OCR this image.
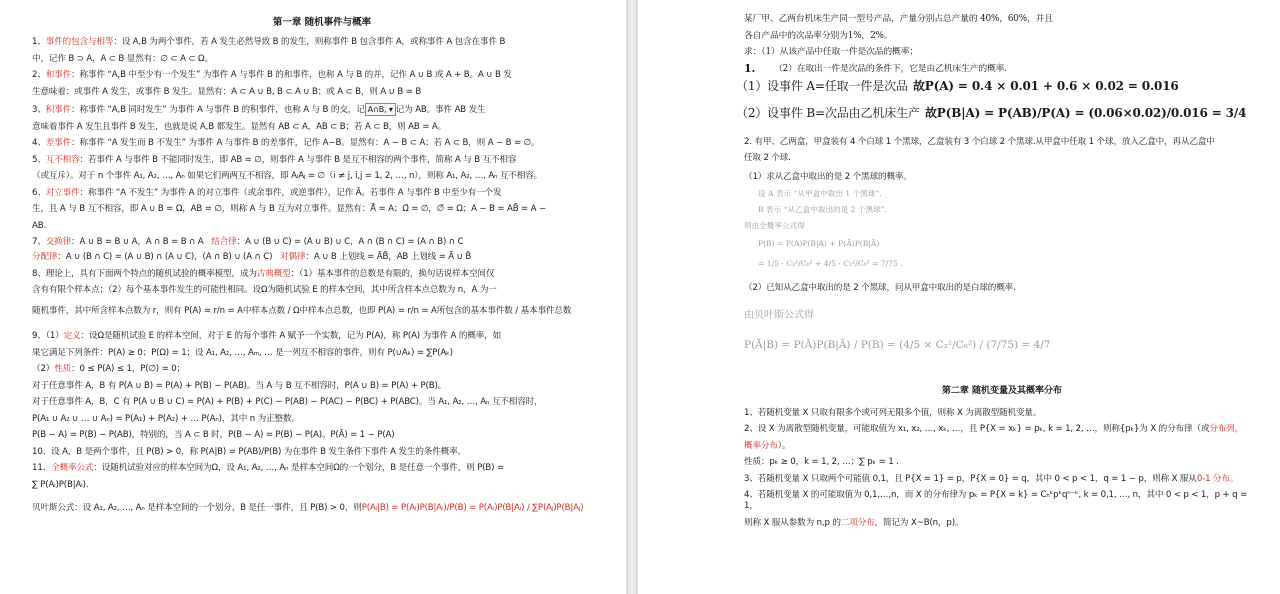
第一章 随机事件与概率
1、事件的包含与相等：设 A,B 为两个事件，若 A 发生必然导致 B 的发生，则称事件 B 包含事件 A，或称事件 A 包含在事件 B
中，记作 B ⊃ A，A ⊂ B 显然有：∅ ⊂ A ⊂ Ω。
2、和事件：称事件 “A,B 中至少有一个发生” 为事件 A 与事件 B 的和事件，也称 A 与 B 的并，记作 A ∪ B 或 A + B。A ∪ B 发
生意味着：或事件 A 发生，或事件 B 发生。显然有：A ⊂ A ∪ B, B ⊂ A ∪ B；或 A ⊂ B，则 A ∪ B = B
3、积事件：称事件 “A,B 同时发生” 为事件 A 与事件 B 的积事件，也称 A 与 B 的交，记 A∩B, ▾ 记为 AB。事件 AB 发生
意味着事件 A 发生且事件 B 发生，也就是说 A,B 都发生。显然有 AB ⊂ A，AB ⊂ B；若 A ⊂ B，则 AB = A。
4、差事件：称事件 “A 发生而 B 不发生” 为事件 A 与事件 B 的差事件，记作 A−B。显然有：A − B ⊂ A；若 A ⊂ B，则 A − B = ∅。
5、互不相容：若事件 A 与事件 B 不能同时发生，即 AB = ∅，则事件 A 与事件 B 是互不相容的两个事件，简称 A 与 B 互不相容
（或互斥）。对于 n 个事件 A₁, A₂, …, Aₙ 如果它们两两互不相容，即 AᵢAⱼ = ∅（i ≠ j, i,j = 1, 2, …, n），则称 A₁, A₂, …, Aₙ 互不相容。
6、对立事件：称事件 “A 不发生” 为事件 A 的对立事件（或余事件，或逆事件），记作 Ā。若事件 A 与事件 B 中至少有一个发
生，且 A 与 B 互不相容，即 A ∪ B = Ω，AB = ∅，则称 A 与 B 互为对立事件。显然有：Ā̄ = A；Ω̄ = ∅，∅̄ = Ω；A − B = AB̄ = A −
AB.
7、交换律：A ∪ B = B ∪ A，A ∩ B = B ∩ A 结合律：A ∪ (B ∪ C) = (A ∪ B) ∪ C，A ∩ (B ∩ C) = (A ∩ B) ∩ C
分配律：A ∪ (B ∩ C) = (A ∪ B) ∩ (A ∪ C)，(A ∩ B) ∪ (A ∩ C) 对偶律：A ∪ B 上划线 = ĀB̄，AB 上划线 = Ā ∪ B̄
8、理论上，具有下面两个特点的随机试验的概率模型，成为古典概型：（1）基本事件的总数是有限的，换句话说样本空间仅
含有有限个样本点；（2）每个基本事件发生的可能性相同。设Ω为随机试验 E 的样本空间，其中所含样本点总数为 n，A 为一
随机事件，其中所含样本点数为 r，则有 P(A) = r/n = A中样本点数 / Ω中样本点总数，也即 P(A) = r/n = A所包含的基本事件数 / 基本事件总数
9、（1）定义：设Ω是随机试验 E 的样本空间，对于 E 的每个事件 A 赋予一个实数，记为 P(A)，称 P(A) 为事件 A 的概率，如
果它满足下列条件：P(A) ≥ 0；P(Ω) = 1；设 A₁, A₂, …, Aₘ, … 是一列互不相容的事件，则有 P(∪Aₖ) = ∑P(Aₖ)
（2）性质：0 ≤ P(A) ≤ 1，P(∅) = 0；
对于任意事件 A，B 有 P(A ∪ B) = P(A) + P(B) − P(AB)。当 A 与 B 互不相容时，P(A ∪ B) = P(A) + P(B)。
对于任意事件 A，B，C 有 P(A ∪ B ∪ C) = P(A) + P(B) + P(C) − P(AB) − P(AC) − P(BC) + P(ABC)。当 A₁, A₂, …, Aₙ 互不相容时，
P(A₁ ∪ A₂ ∪ … ∪ Aₙ) = P(A₁) + P(A₂) + … P(Aₙ)，其中 n 为正整数。
P(B − A) = P(B) − P(AB)，特别的，当 A ⊂ B 时，P(B − A) = P(B) − P(A)。P(Ā) = 1 − P(A)
10、设 A，B 是两个事件，且 P(B) > 0，称 P(A|B) = P(AB)/P(B) 为在事件 B 发生条件下事件 A 发生的条件概率。
11、全概率公式：设随机试验对应的样本空间为Ω，设 A₁, A₂, …, Aₙ 是样本空间Ω的一个划分，B 是任意一个事件，则 P(B) =
∑ P(Aᵢ)P(B|Aᵢ).
贝叶斯公式：设 A₁, A₂, …, Aₙ 是样本空间的一个划分，B 是任一事件，且 P(B) > 0，则P(Aᵢ|B) = P(Aᵢ)P(B|Aᵢ)/P(B) = P(Aᵢ)P(B|Aᵢ) / ∑P(Aⱼ)P(B|Aⱼ)
某厂甲、乙两台机床生产同一型号产品，产量分别占总产量的 40%，60%，并且
各自产品中的次品率分别为1%，2%。
求：（1）从该产品中任取一件是次品的概率；
1.	（2）在取出一件是次品的条件下，它是由乙机床生产的概率.
（1）设事件 A=任取一件是次品 故P(A) = 0.4 × 0.01 + 0.6 × 0.02 = 0.016
（2）设事件 B=次品由乙机床生产 故P(B|A) = P(AB)/P(A) = (0.06×0.02)/0.016 = 3/4
2. 有甲、乙两盒，甲盒装有 4 个白球 1 个黑球，乙盒装有 3 个白球 2 个黑球.从甲盒中任取 1 个球，放入乙盒中，再从乙盒中
任取 2 个球.
（1）求从乙盒中取出的是 2 个黑球的概率。
设 A 表示 “从甲盒中取出 1 个黑球”.
B 表示 “从乙盒中取出的是 2 个黑球”.
则由全概率公式得
P(B) = P(A)P(B|A) + P(Ā)P(B|Ā)
= 1/5 · C₃²/C₆² + 4/5 · C₂²/C₆² = 7/75 .
（2）已知从乙盒中取出的是 2 个黑球，问从甲盒中取出的是白球的概率.
由贝叶斯公式得
P(Ā|B) = P(Ā)P(B|Ā) / P(B) = (4/5 × C₂²/C₆²) / (7/75) = 4/7
第二章 随机变量及其概率分布
1、若随机变量 X 只取有限多个或可列无限多个值，则称 X 为离散型随机变量。
2、设 X 为离散型随机变量，可能取值为 x₁, x₂, …, xₖ, …，且 P{X = xₖ} = pₖ, k = 1, 2, …，则称{pₖ}为 X 的分布律（或分布列，
概率分布）。
性质：pₖ ≥ 0，k = 1, 2, …；∑ pₖ = 1 .
3、若随机变量 X 只取两个可能值 0,1，且 P{X = 1} = p，P{X = 0} = q，其中 0 < p < 1，q = 1 − p，则称 X 服从0-1 分布。
4、若随机变量 X 的可能取值为 0,1,…,n，而 X 的分布律为 pₖ = P{X = k} = Cₙᵏpᵏqⁿ⁻ᵏ, k = 0,1, …, n，其中 0 < p < 1，p + q = 1，
则称 X 服从参数为 n,p 的二项分布，简记为 X~B(n，p)。
